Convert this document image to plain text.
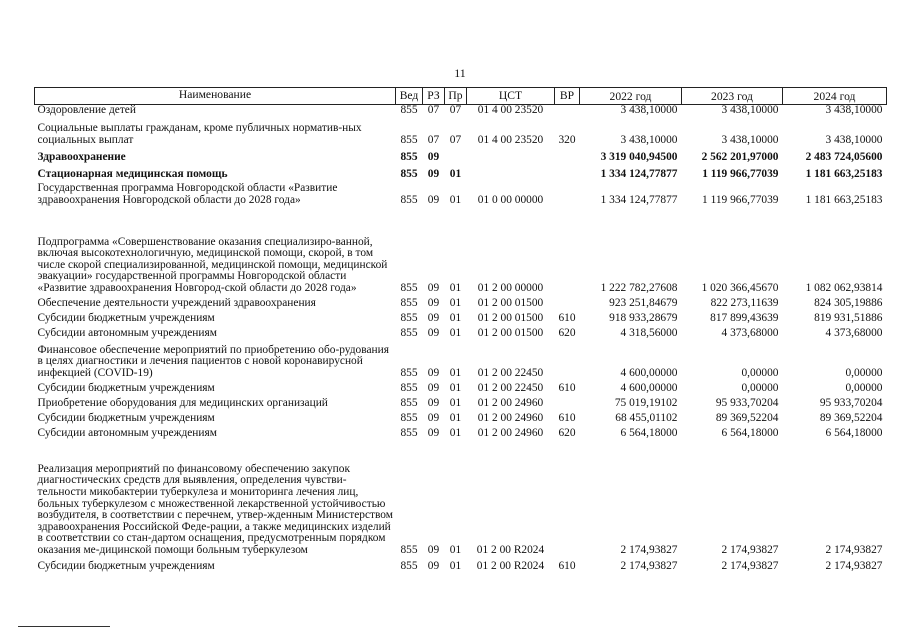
11
Наименование	Вед	РЗ	Пр	ЦСТ	ВР	2022 год	2023 год	2024 год
Оздоровление детей	855	07	07	01 4 00 23520		3 438,10000	3 438,10000	3 438,10000
Социальные выплаты гражданам, кроме публичных норматив-ных социальных выплат	855	07	07	01 4 00 23520	320	3 438,10000	3 438,10000	3 438,10000
Здравоохранение	855	09				3 319 040,94500	2 562 201,97000	2 483 724,05600
Стационарная медицинская помощь	855	09	01			1 334 124,77877	1 119 966,77039	1 181 663,25183
Государственная программа Новгородской области «Развитие здравоохранения Новгородской области до 2028 года»	855	09	01	01 0 00 00000		1 334 124,77877	1 119 966,77039	1 181 663,25183
Подпрограмма «Совершенствование оказания специализиро-ванной, включая высокотехнологичную, медицинской помощи, скорой, в том числе скорой специализированной, медицинской помощи, медицинской эвакуации» государственной программы Новгородской области «Развитие здравоохранения Новгород-ской области до 2028 года»	855	09	01	01 2 00 00000		1 222 782,27608	1 020 366,45670	1 082 062,93814
Обеспечение деятельности учреждений здравоохранения	855	09	01	01 2 00 01500		923 251,84679	822 273,11639	824 305,19886
Субсидии бюджетным учреждениям	855	09	01	01 2 00 01500	610	918 933,28679	817 899,43639	819 931,51886
Субсидии автономным учреждениям	855	09	01	01 2 00 01500	620	4 318,56000	4 373,68000	4 373,68000
Финансовое обеспечение мероприятий по приобретению обо-рудования в целях диагностики и лечения пациентов с новой коронавирусной инфекцией (COVID-19)	855	09	01	01 2 00 22450		4 600,00000	0,00000	0,00000
Субсидии бюджетным учреждениям	855	09	01	01 2 00 22450	610	4 600,00000	0,00000	0,00000
Приобретение оборудования для медицинских организаций	855	09	01	01 2 00 24960		75 019,19102	95 933,70204	95 933,70204
Субсидии бюджетным учреждениям	855	09	01	01 2 00 24960	610	68 455,01102	89 369,52204	89 369,52204
Субсидии автономным учреждениям	855	09	01	01 2 00 24960	620	6 564,18000	6 564,18000	6 564,18000
Реализация мероприятий по финансовому обеспечению закупок диагностических средств для выявления, определения чувстви-тельности микобактерии туберкулеза и мониторинга лечения лиц, больных туберкулезом с множественной лекарственной устойчивостью возбудителя, в соответствии с перечнем, утвер-жденным Министерством здравоохранения Российской Феде-рации, а также медицинских изделий в соответствии со стан-дартом оснащения, предусмотренным порядком оказания ме-дицинской помощи больным туберкулезом	855	09	01	01 2 00 R2024		2 174,93827	2 174,93827	2 174,93827
Субсидии бюджетным учреждениям	855	09	01	01 2 00 R2024	610	2 174,93827	2 174,93827	2 174,93827
